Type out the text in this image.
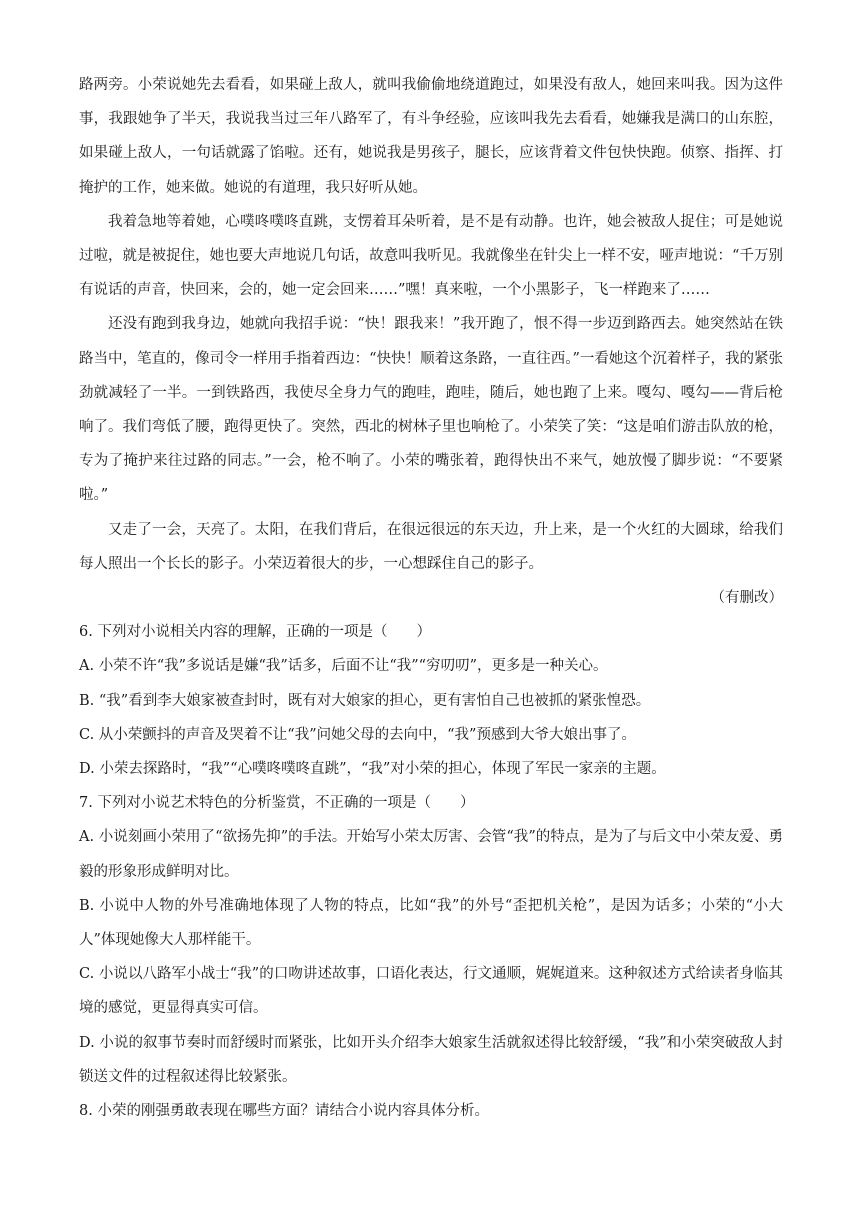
路两旁。小荣说她先去看看，如果碰上敌人，就叫我偷偷地绕道跑过，如果没有敌人，她回来叫我。因为这件事，我跟她争了半天，我说我当过三年八路军了，有斗争经验，应该叫我先去看看，她嫌我是满口的山东腔，如果碰上敌人，一句话就露了馅啦。还有，她说我是男孩子，腿长，应该背着文件包快快跑。侦察、指挥、打掩护的工作，她来做。她说的有道理，我只好听从她。

我着急地等着她，心噗咚噗咚直跳，支愣着耳朵听着，是不是有动静。也许，她会被敌人捉住；可是她说过啦，就是被捉住，她也要大声地说几句话，故意叫我听见。我就像坐在针尖上一样不安，哑声地说：“千万别有说话的声音，快回来，会的，她一定会回来……”嘿！真来啦，一个小黑影子，飞一样跑来了……

还没有跑到我身边，她就向我招手说：“快！跟我来！”我开跑了，恨不得一步迈到路西去。她突然站在铁路当中，笔直的，像司令一样用手指着西边：“快快！顺着这条路，一直往西。”一看她这个沉着样子，我的紧张劲就减轻了一半。一到铁路西，我使尽全身力气的跑哇，跑哇，随后，她也跑了上来。嘎勾、嘎勾——背后枪响了。我们弯低了腰，跑得更快了。突然，西北的树林子里也响枪了。小荣笑了笑：“这是咱们游击队放的枪，专为了掩护来往过路的同志。”一会，枪不响了。小荣的嘴张着，跑得快出不来气，她放慢了脚步说：“不要紧啦。”

又走了一会，天亮了。太阳，在我们背后，在很远很远的东天边，升上来，是一个火红的大圆球，给我们每人照出一个长长的影子。小荣迈着很大的步，一心想踩住自己的影子。

（有删改）

6. 下列对小说相关内容的理解，正确的一项是（　　）

A. 小荣不许“我”多说话是嫌“我”话多，后面不让“我”“穷叨叨”，更多是一种关心。

B. “我”看到李大娘家被查封时，既有对大娘家的担心，更有害怕自己也被抓的紧张惶恐。

C. 从小荣颤抖的声音及哭着不让“我”问她父母的去向中，“我”预感到大爷大娘出事了。

D. 小荣去探路时，“我”“心噗咚噗咚直跳”，“我”对小荣的担心，体现了军民一家亲的主题。

7. 下列对小说艺术特色的分析鉴赏，不正确的一项是（　　）

A. 小说刻画小荣用了“欲扬先抑”的手法。开始写小荣太厉害、会管“我”的特点，是为了与后文中小荣友爱、勇毅的形象形成鲜明对比。

B. 小说中人物的外号准确地体现了人物的特点，比如“我”的外号“歪把机关枪”，是因为话多；小荣的“小大人”体现她像大人那样能干。

C. 小说以八路军小战士“我”的口吻讲述故事，口语化表达，行文通顺，娓娓道来。这种叙述方式给读者身临其境的感觉，更显得真实可信。

D. 小说的叙事节奏时而舒缓时而紧张，比如开头介绍李大娘家生活就叙述得比较舒缓，“我”和小荣突破敌人封锁送文件的过程叙述得比较紧张。

8. 小荣的刚强勇敢表现在哪些方面？请结合小说内容具体分析。
